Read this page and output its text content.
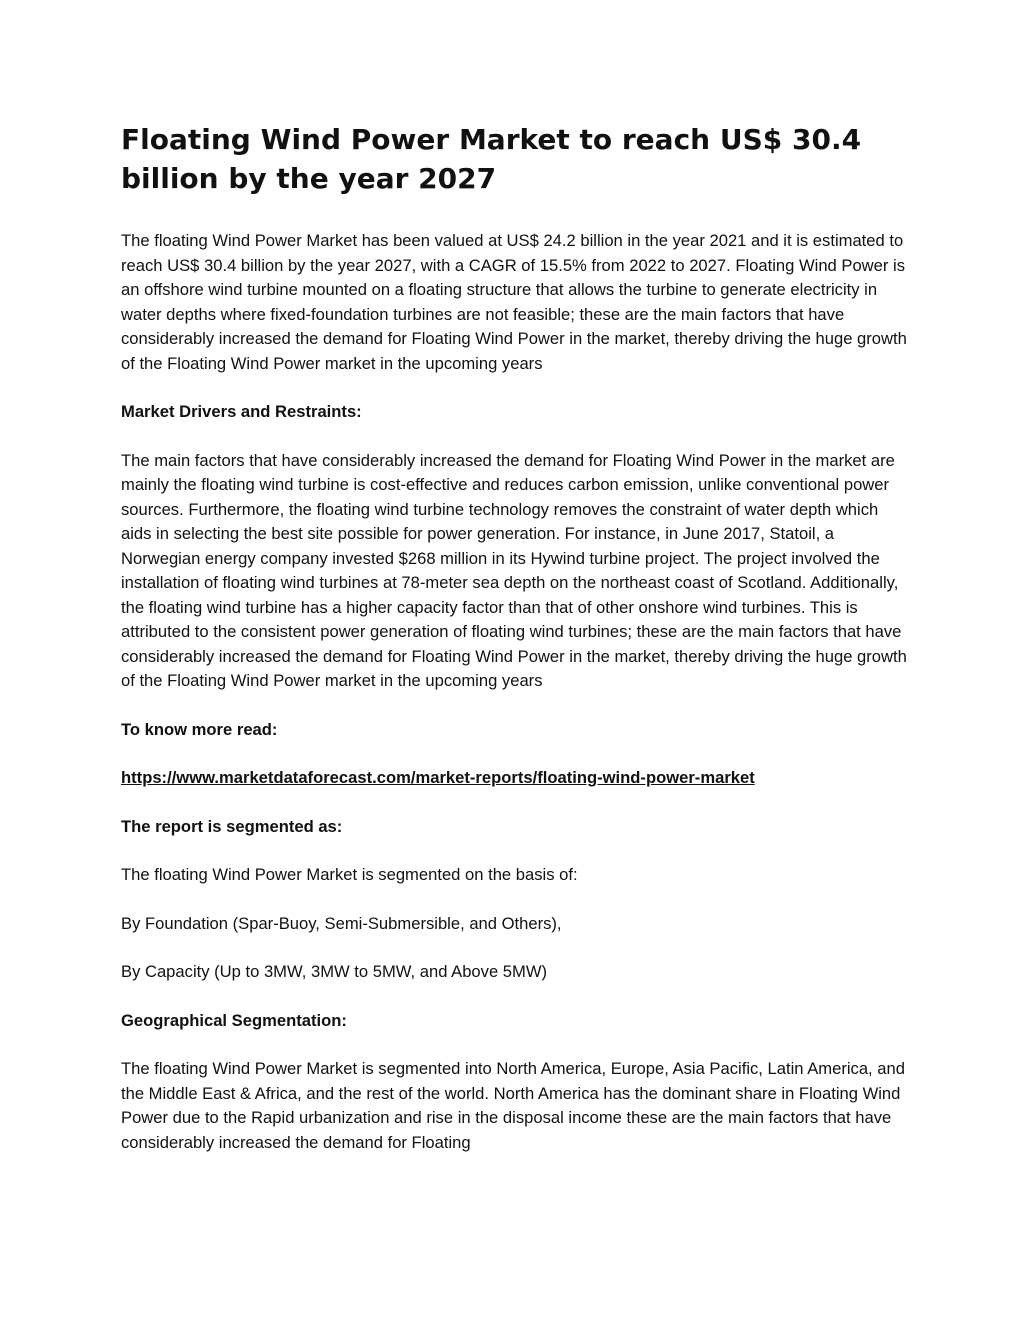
Floating Wind Power Market to reach US$ 30.4 billion by the year 2027

The floating Wind Power Market has been valued at US$ 24.2 billion in the year 2021 and it is estimated to reach US$ 30.4 billion by the year 2027, with a CAGR of 15.5% from 2022 to 2027. Floating Wind Power is an offshore wind turbine mounted on a floating structure that allows the turbine to generate electricity in water depths where fixed-foundation turbines are not feasible; these are the main factors that have considerably increased the demand for Floating Wind Power in the market, thereby driving the huge growth of the Floating Wind Power market in the upcoming years

Market Drivers and Restraints:

The main factors that have considerably increased the demand for Floating Wind Power in the market are mainly the floating wind turbine is cost-effective and reduces carbon emission, unlike conventional power sources. Furthermore, the floating wind turbine technology removes the constraint of water depth which aids in selecting the best site possible for power generation. For instance, in June 2017, Statoil, a Norwegian energy company invested $268 million in its Hywind turbine project. The project involved the installation of floating wind turbines at 78-meter sea depth on the northeast coast of Scotland. Additionally, the floating wind turbine has a higher capacity factor than that of other onshore wind turbines. This is attributed to the consistent power generation of floating wind turbines; these are the main factors that have considerably increased the demand for Floating Wind Power in the market, thereby driving the huge growth of the Floating Wind Power market in the upcoming years

To know more read:

https://www.marketdataforecast.com/market-reports/floating-wind-power-market

The report is segmented as:

The floating Wind Power Market is segmented on the basis of:

By Foundation (Spar-Buoy, Semi-Submersible, and Others),

By Capacity (Up to 3MW, 3MW to 5MW, and Above 5MW)

Geographical Segmentation:

The floating Wind Power Market is segmented into North America, Europe, Asia Pacific, Latin America, and the Middle East & Africa, and the rest of the world. North America has the dominant share in Floating Wind Power due to the Rapid urbanization and rise in the disposal income these are the main factors that have considerably increased the demand for Floating
